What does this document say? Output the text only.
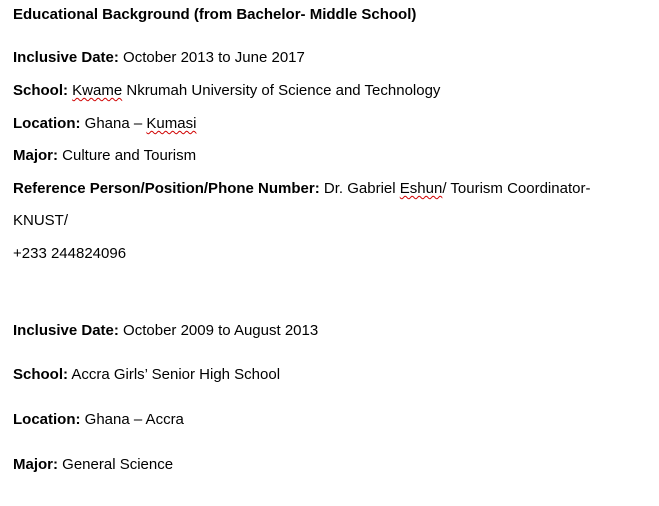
Educational Background (from Bachelor- Middle School)
Inclusive Date: October 2013 to June 2017
School: Kwame Nkrumah University of Science and Technology
Location: Ghana – Kumasi
Major: Culture and Tourism
Reference Person/Position/Phone Number: Dr. Gabriel Eshun/ Tourism Coordinator-
KNUST/
+233 244824096
Inclusive Date: October 2009 to August 2013
School: Accra Girls’ Senior High School
Location: Ghana – Accra
Major: General Science
